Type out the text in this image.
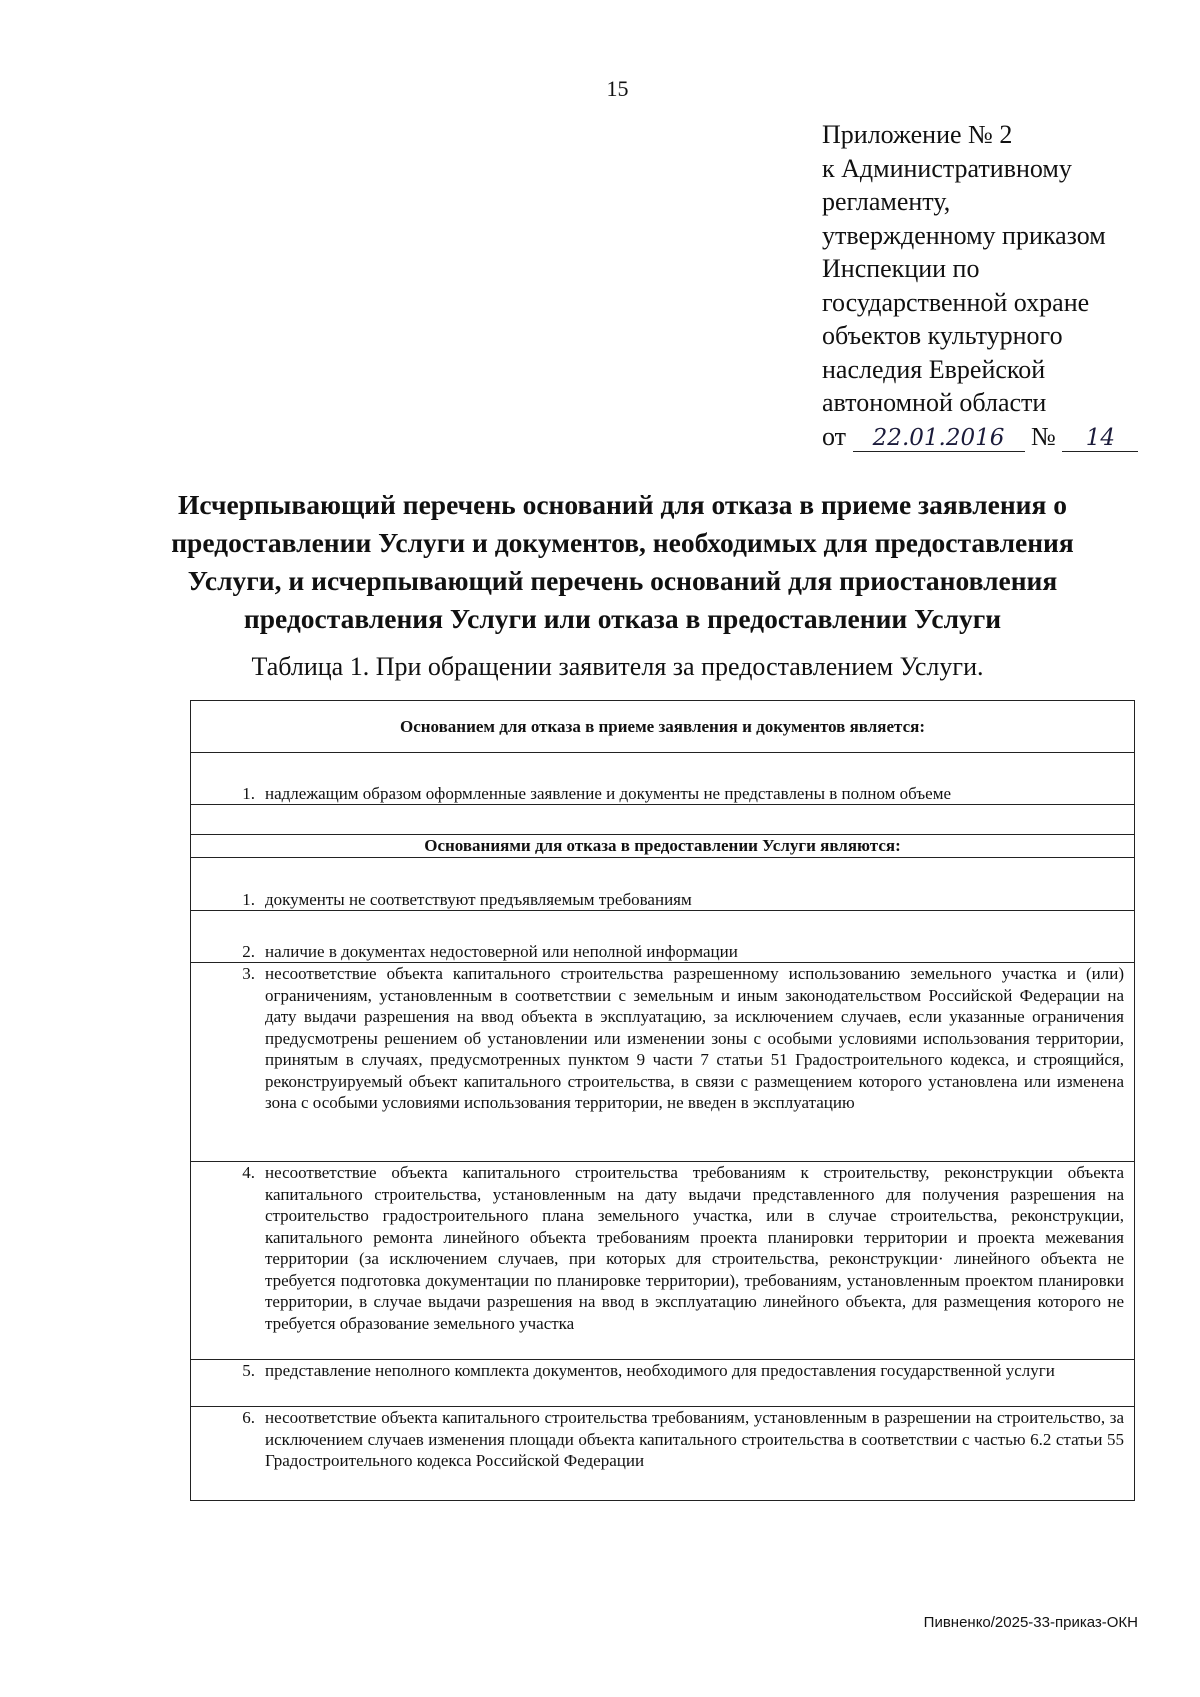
15
Приложение № 2
к Административному
регламенту,
утвержденному приказом
Инспекции по
государственной охране
объектов культурного
наследия Еврейской
автономной области
от 22.01.2016 № 14
Исчерпывающий перечень оснований для отказа в приеме заявления о предоставлении Услуги и документов, необходимых для предоставления Услуги, и исчерпывающий перечень оснований для приостановления предоставления Услуги или отказа в предоставлении Услуги
Таблица 1. При обращении заявителя за предоставлением Услуги.
Основанием для отказа в приеме заявления и документов является:
1. надлежащим образом оформленные заявление и документы не представлены в полном объеме
Основаниями для отказа в предоставлении Услуги являются:
1. документы не соответствуют предъявляемым требованиям
2. наличие в документах недостоверной или неполной информации
3. несоответствие объекта капитального строительства разрешенному использованию земельного участка и (или) ограничениям, установленным в соответствии с земельным и иным законодательством Российской Федерации на дату выдачи разрешения на ввод объекта в эксплуатацию, за исключением случаев, если указанные ограничения предусмотрены решением об установлении или изменении зоны с особыми условиями использования территории, принятым в случаях, предусмотренных пунктом 9 части 7 статьи 51 Градостроительного кодекса, и строящийся, реконструируемый объект капитального строительства, в связи с размещением которого установлена или изменена зона с особыми условиями использования территории, не введен в эксплуатацию
4. несоответствие объекта капитального строительства требованиям к строительству, реконструкции объекта капитального строительства, установленным на дату выдачи представленного для получения разрешения на строительство градостроительного плана земельного участка, или в случае строительства, реконструкции, капитального ремонта линейного объекта требованиям проекта планировки территории и проекта межевания территории (за исключением случаев, при которых для строительства, реконструкции· линейного объекта не требуется подготовка документации по планировке территории), требованиям, установленным проектом планировки территории, в случае выдачи разрешения на ввод в эксплуатацию линейного объекта, для размещения которого не требуется образование земельного участка
5. представление неполного комплекта документов, необходимого для предоставления государственной услуги
6. несоответствие объекта капитального строительства требованиям, установленным в разрешении на строительство, за исключением случаев изменения площади объекта капитального строительства в соответствии с частью 6.2 статьи 55 Градостроительного кодекса Российской Федерации
Пивненко/2025-33-приказ-ОКН
